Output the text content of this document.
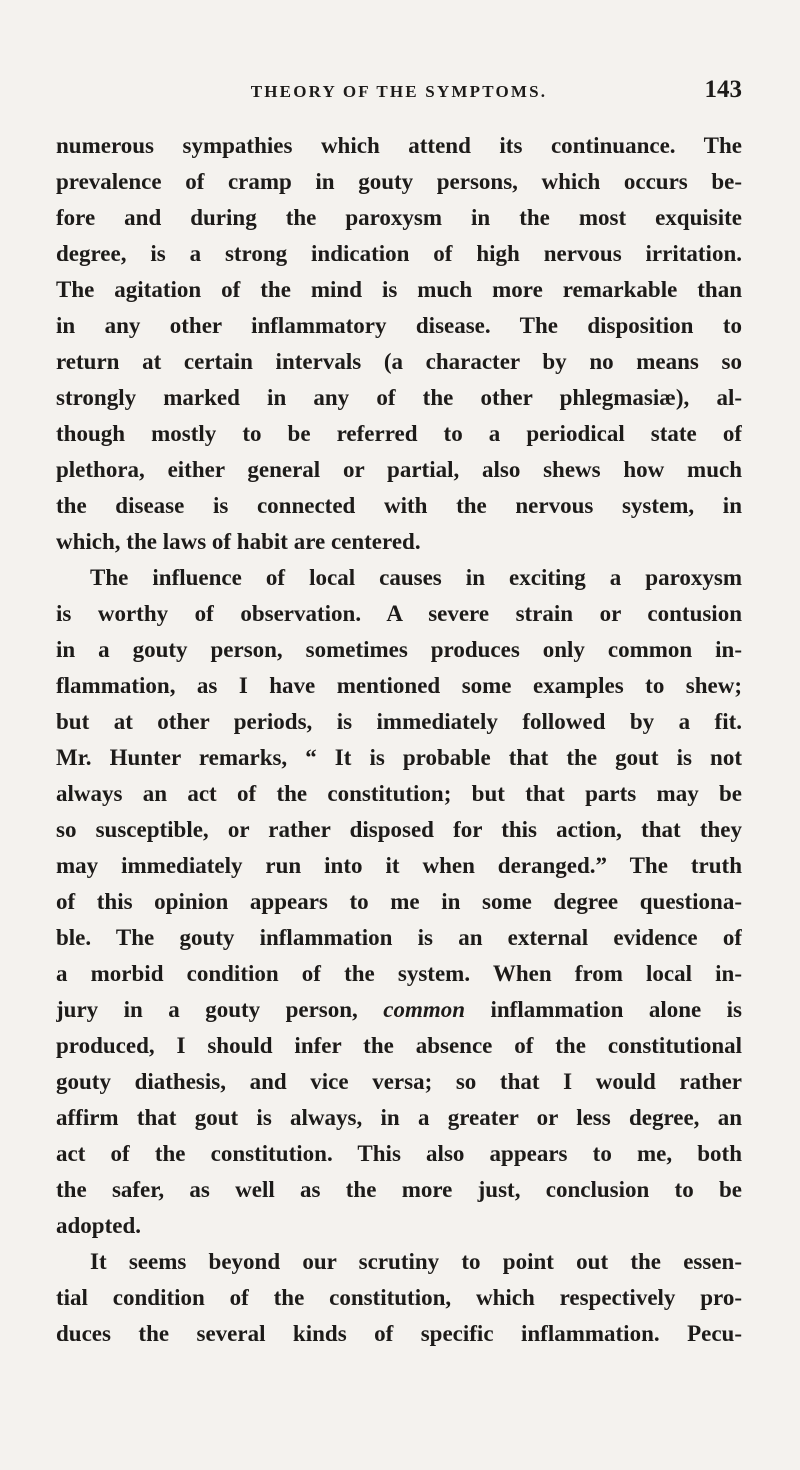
THEORY OF THE SYMPTOMS.	143
numerous sympathies which attend its continuance. The
prevalence of cramp in gouty persons, which occurs be-
fore and during the paroxysm in the most exquisite
degree, is a strong indication of high nervous irritation.
The agitation of the mind is much more remarkable than
in any other inflammatory disease. The disposition to
return at certain intervals (a character by no means so
strongly marked in any of the other phlegmasiæ), al-
though mostly to be referred to a periodical state of
plethora, either general or partial, also shews how much
the disease is connected with the nervous system, in
which, the laws of habit are centered.
The influence of local causes in exciting a paroxysm
is worthy of observation. A severe strain or contusion
in a gouty person, sometimes produces only common in-
flammation, as I have mentioned some examples to shew;
but at other periods, is immediately followed by a fit.
Mr. Hunter remarks, “ It is probable that the gout is not
always an act of the constitution; but that parts may be
so susceptible, or rather disposed for this action, that they
may immediately run into it when deranged.” The truth
of this opinion appears to me in some degree questiona-
ble. The gouty inflammation is an external evidence of
a morbid condition of the system. When from local in-
jury in a gouty person, common inflammation alone is
produced, I should infer the absence of the constitutional
gouty diathesis, and vice versa; so that I would rather
affirm that gout is always, in a greater or less degree, an
act of the constitution. This also appears to me, both
the safer, as well as the more just, conclusion to be
adopted.
It seems beyond our scrutiny to point out the essen-
tial condition of the constitution, which respectively pro-
duces the several kinds of specific inflammation. Pecu-
